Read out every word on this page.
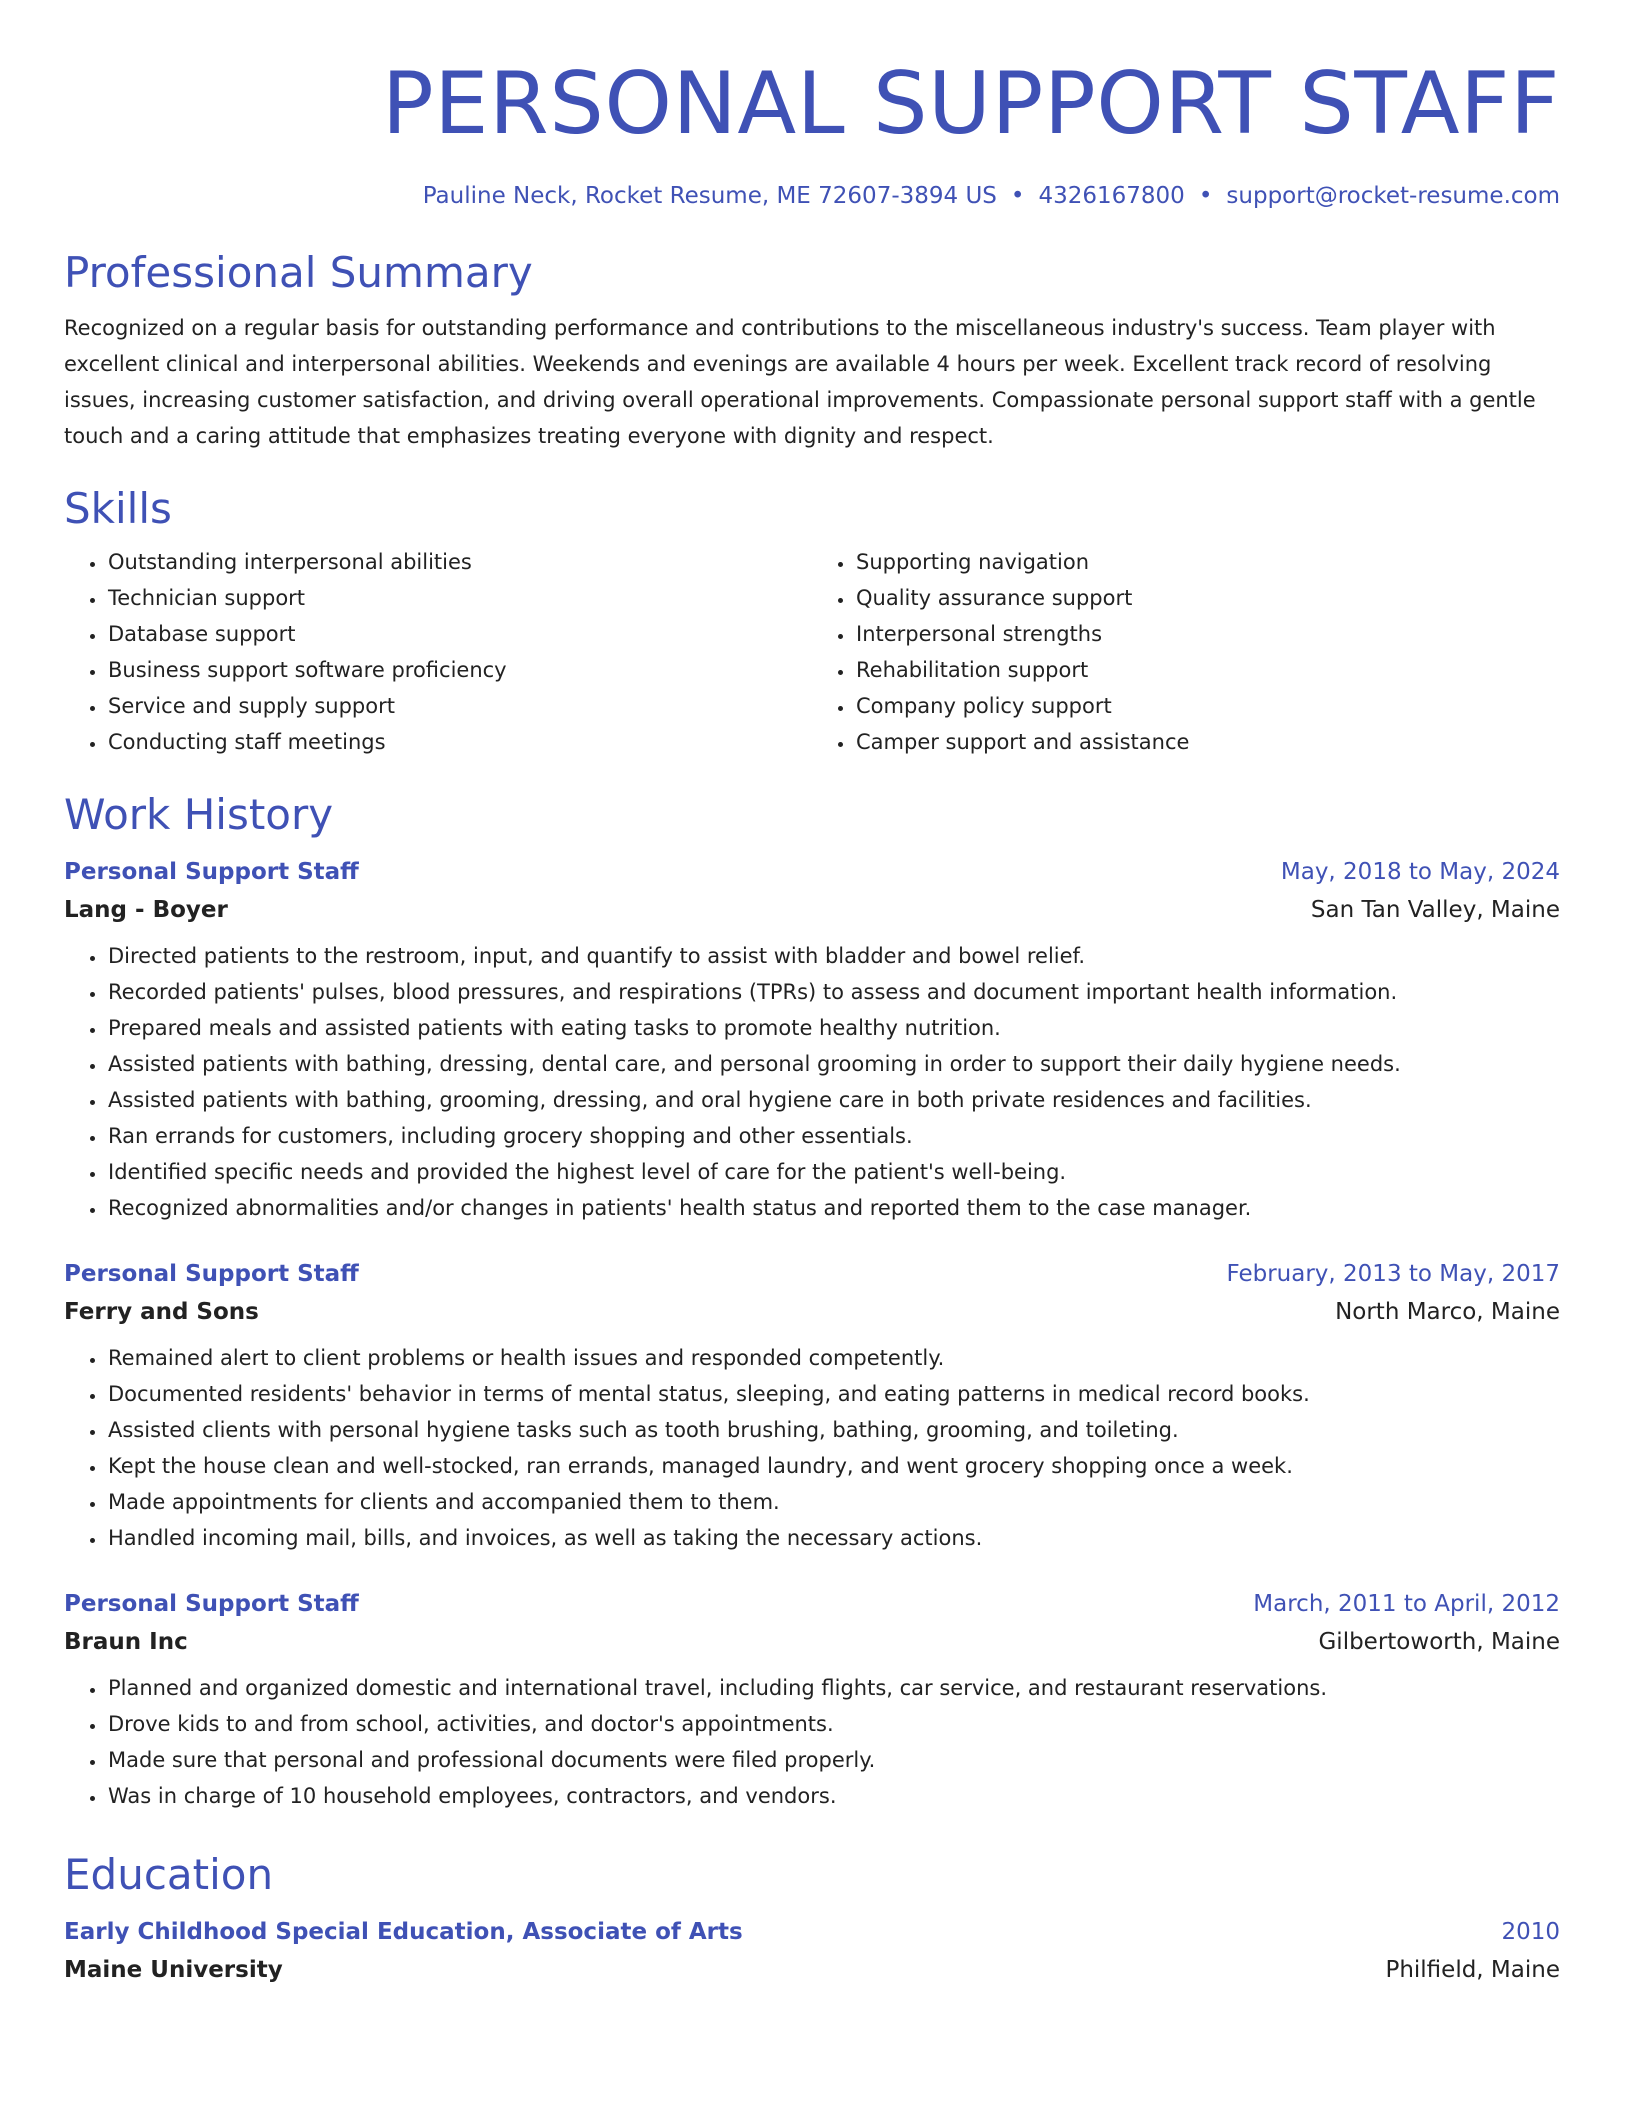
PERSONAL SUPPORT STAFF
Pauline Neck, Rocket Resume, ME 72607-3894 US • 4326167800 • support@rocket-resume.com
Professional Summary

Recognized on a regular basis for outstanding performance and contributions to the miscellaneous industry's success. Team player with excellent clinical and interpersonal abilities. Weekends and evenings are available 4 hours per week. Excellent track record of resolving issues, increasing customer satisfaction, and driving overall operational improvements. Compassionate personal support staff with a gentle touch and a caring attitude that emphasizes treating everyone with dignity and respect.

Skills
• Outstanding interpersonal abilities
• Technician support
• Database support
• Business support software proficiency
• Service and supply support
• Conducting staff meetings
• Supporting navigation
• Quality assurance support
• Interpersonal strengths
• Rehabilitation support
• Company policy support
• Camper support and assistance
Work History
Personal Support Staff	May, 2018 to May, 2024
Lang - Boyer	San Tan Valley, Maine
• Directed patients to the restroom, input, and quantify to assist with bladder and bowel relief.
• Recorded patients' pulses, blood pressures, and respirations (TPRs) to assess and document important health information.
• Prepared meals and assisted patients with eating tasks to promote healthy nutrition.
• Assisted patients with bathing, dressing, dental care, and personal grooming in order to support their daily hygiene needs.
• Assisted patients with bathing, grooming, dressing, and oral hygiene care in both private residences and facilities.
• Ran errands for customers, including grocery shopping and other essentials.
• Identified specific needs and provided the highest level of care for the patient's well-being.
• Recognized abnormalities and/or changes in patients' health status and reported them to the case manager.
Personal Support Staff	February, 2013 to May, 2017
Ferry and Sons	North Marco, Maine
• Remained alert to client problems or health issues and responded competently.
• Documented residents' behavior in terms of mental status, sleeping, and eating patterns in medical record books.
• Assisted clients with personal hygiene tasks such as tooth brushing, bathing, grooming, and toileting.
• Kept the house clean and well-stocked, ran errands, managed laundry, and went grocery shopping once a week.
• Made appointments for clients and accompanied them to them.
• Handled incoming mail, bills, and invoices, as well as taking the necessary actions.
Personal Support Staff	March, 2011 to April, 2012
Braun Inc	Gilbertoworth, Maine
• Planned and organized domestic and international travel, including flights, car service, and restaurant reservations.
• Drove kids to and from school, activities, and doctor's appointments.
• Made sure that personal and professional documents were filed properly.
• Was in charge of 10 household employees, contractors, and vendors.
Education
Early Childhood Special Education, Associate of Arts	2010
Maine University	Philfield, Maine
